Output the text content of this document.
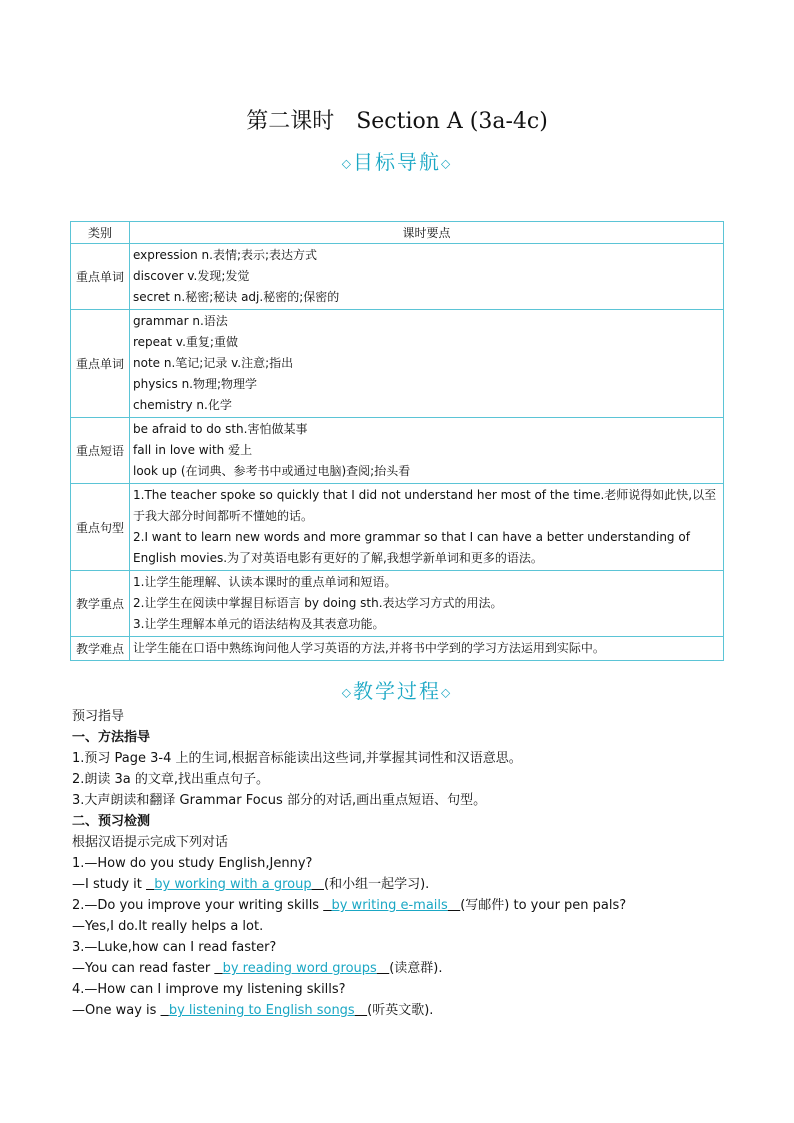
第二课时 Section A (3a-4c)
◇目标导航◇
类别	课时要点
重点单词	expression n.表情;表示;表达方式
discover v.发现;发觉
secret n.秘密;秘诀 adj.秘密的;保密的

重点单词	grammar n.语法
repeat v.重复;重做
note n.笔记;记录 v.注意;指出
physics n.物理;物理学
chemistry n.化学

重点短语	be afraid to do sth.害怕做某事
fall in love with 爱上
look up (在词典、参考书中或通过电脑)查阅;抬头看

重点句型	1.The teacher spoke so quickly that I did not understand her most of the time.老师说得如此快,以至于我大部分时间都听不懂她的话。
2.I want to learn new words and more grammar so that I can have a better understanding of English movies.为了对英语电影有更好的了解,我想学新单词和更多的语法。

教学重点	1.让学生能理解、认读本课时的重点单词和短语。
2.让学生在阅读中掌握目标语言 by doing sth.表达学习方式的用法。
3.让学生理解本单元的语法结构及其表意功能。

教学难点	让学生能在口语中熟练询问他人学习英语的方法,并将书中学到的学习方法运用到实际中。
◇教学过程◇
预习指导
一、方法指导
1.预习 Page 3-4 上的生词,根据音标能读出这些词,并掌握其词性和汉语意思。
2.朗读 3a 的文章,找出重点句子。
3.大声朗读和翻译 Grammar Focus 部分的对话,画出重点短语、句型。
二、预习检测
根据汉语提示完成下列对话
1.—How do you study English,Jenny?
—I study it   by working with a group (和小组一起学习).
2.—Do you improve your writing skills   by writing e-mails (写邮件) to your pen pals?
—Yes,I do.It really helps a lot.
3.—Luke,how can I read faster?
—You can read faster   by reading word groups (读意群).
4.—How can I improve my listening skills?
—One way is   by listening to English songs (听英文歌).
